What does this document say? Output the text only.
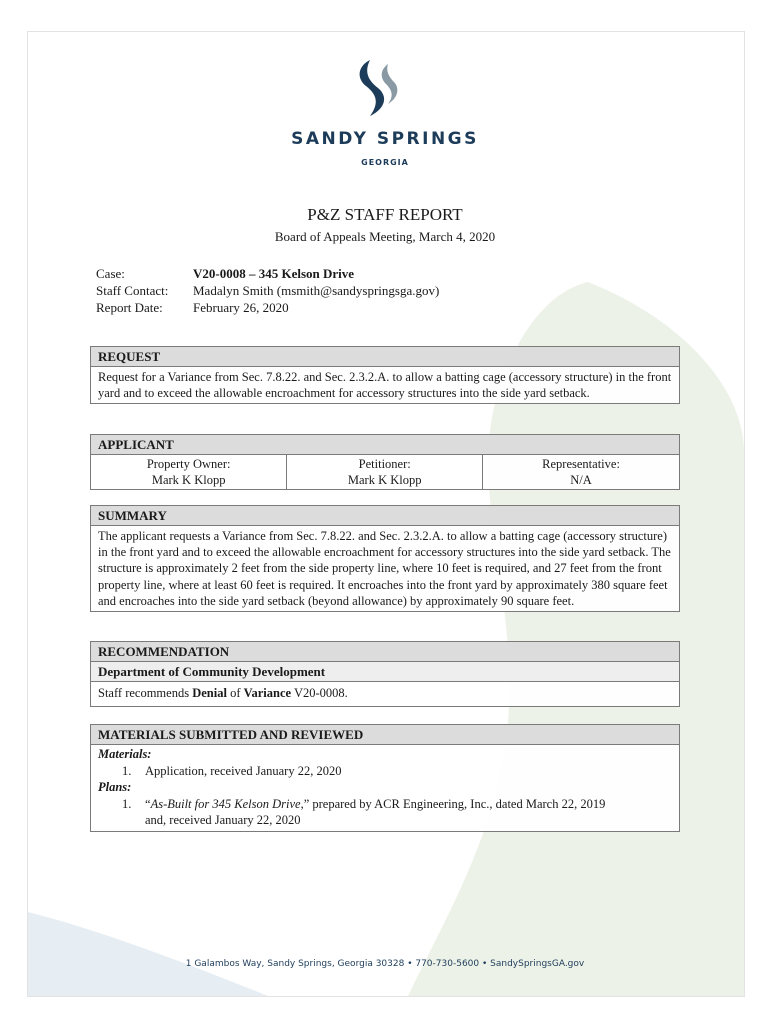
SANDY SPRINGS
GEORGIA
P&Z STAFF REPORT
Board of Appeals Meeting, March 4, 2020
Case:	V20-0008 – 345 Kelson Drive
Staff Contact: Madalyn Smith (msmith@sandyspringsga.gov)
Report Date: February 26, 2020
REQUEST
Request for a Variance from Sec. 7.8.22. and Sec. 2.3.2.A. to allow a batting cage (accessory structure) in the front yard and to exceed the allowable encroachment for accessory structures into the side yard setback.
APPLICANT
Property Owner:
Mark K Klopp

Petitioner:
Mark K Klopp

Representative:
N/A
SUMMARY
The applicant requests a Variance from Sec. 7.8.22. and Sec. 2.3.2.A. to allow a batting cage (accessory structure) in the front yard and to exceed the allowable encroachment for accessory structures into the side yard setback. The structure is approximately 2 feet from the side property line, where 10 feet is required, and 27 feet from the front property line, where at least 60 feet is required. It encroaches into the front yard by approximately 380 square feet and encroaches into the side yard setback (beyond allowance) by approximately 90 square feet.
RECOMMENDATION
Department of Community Development
Staff recommends Denial of Variance V20-0008.
MATERIALS SUBMITTED AND REVIEWED
Materials:
1. Application, received January 22, 2020
Plans:
1. “As-Built for 345 Kelson Drive,” prepared by ACR Engineering, Inc., dated March 22, 2019
and, received January 22, 2020
1 Galambos Way, Sandy Springs, Georgia 30328 • 770-730-5600 • SandySpringsGA.gov
